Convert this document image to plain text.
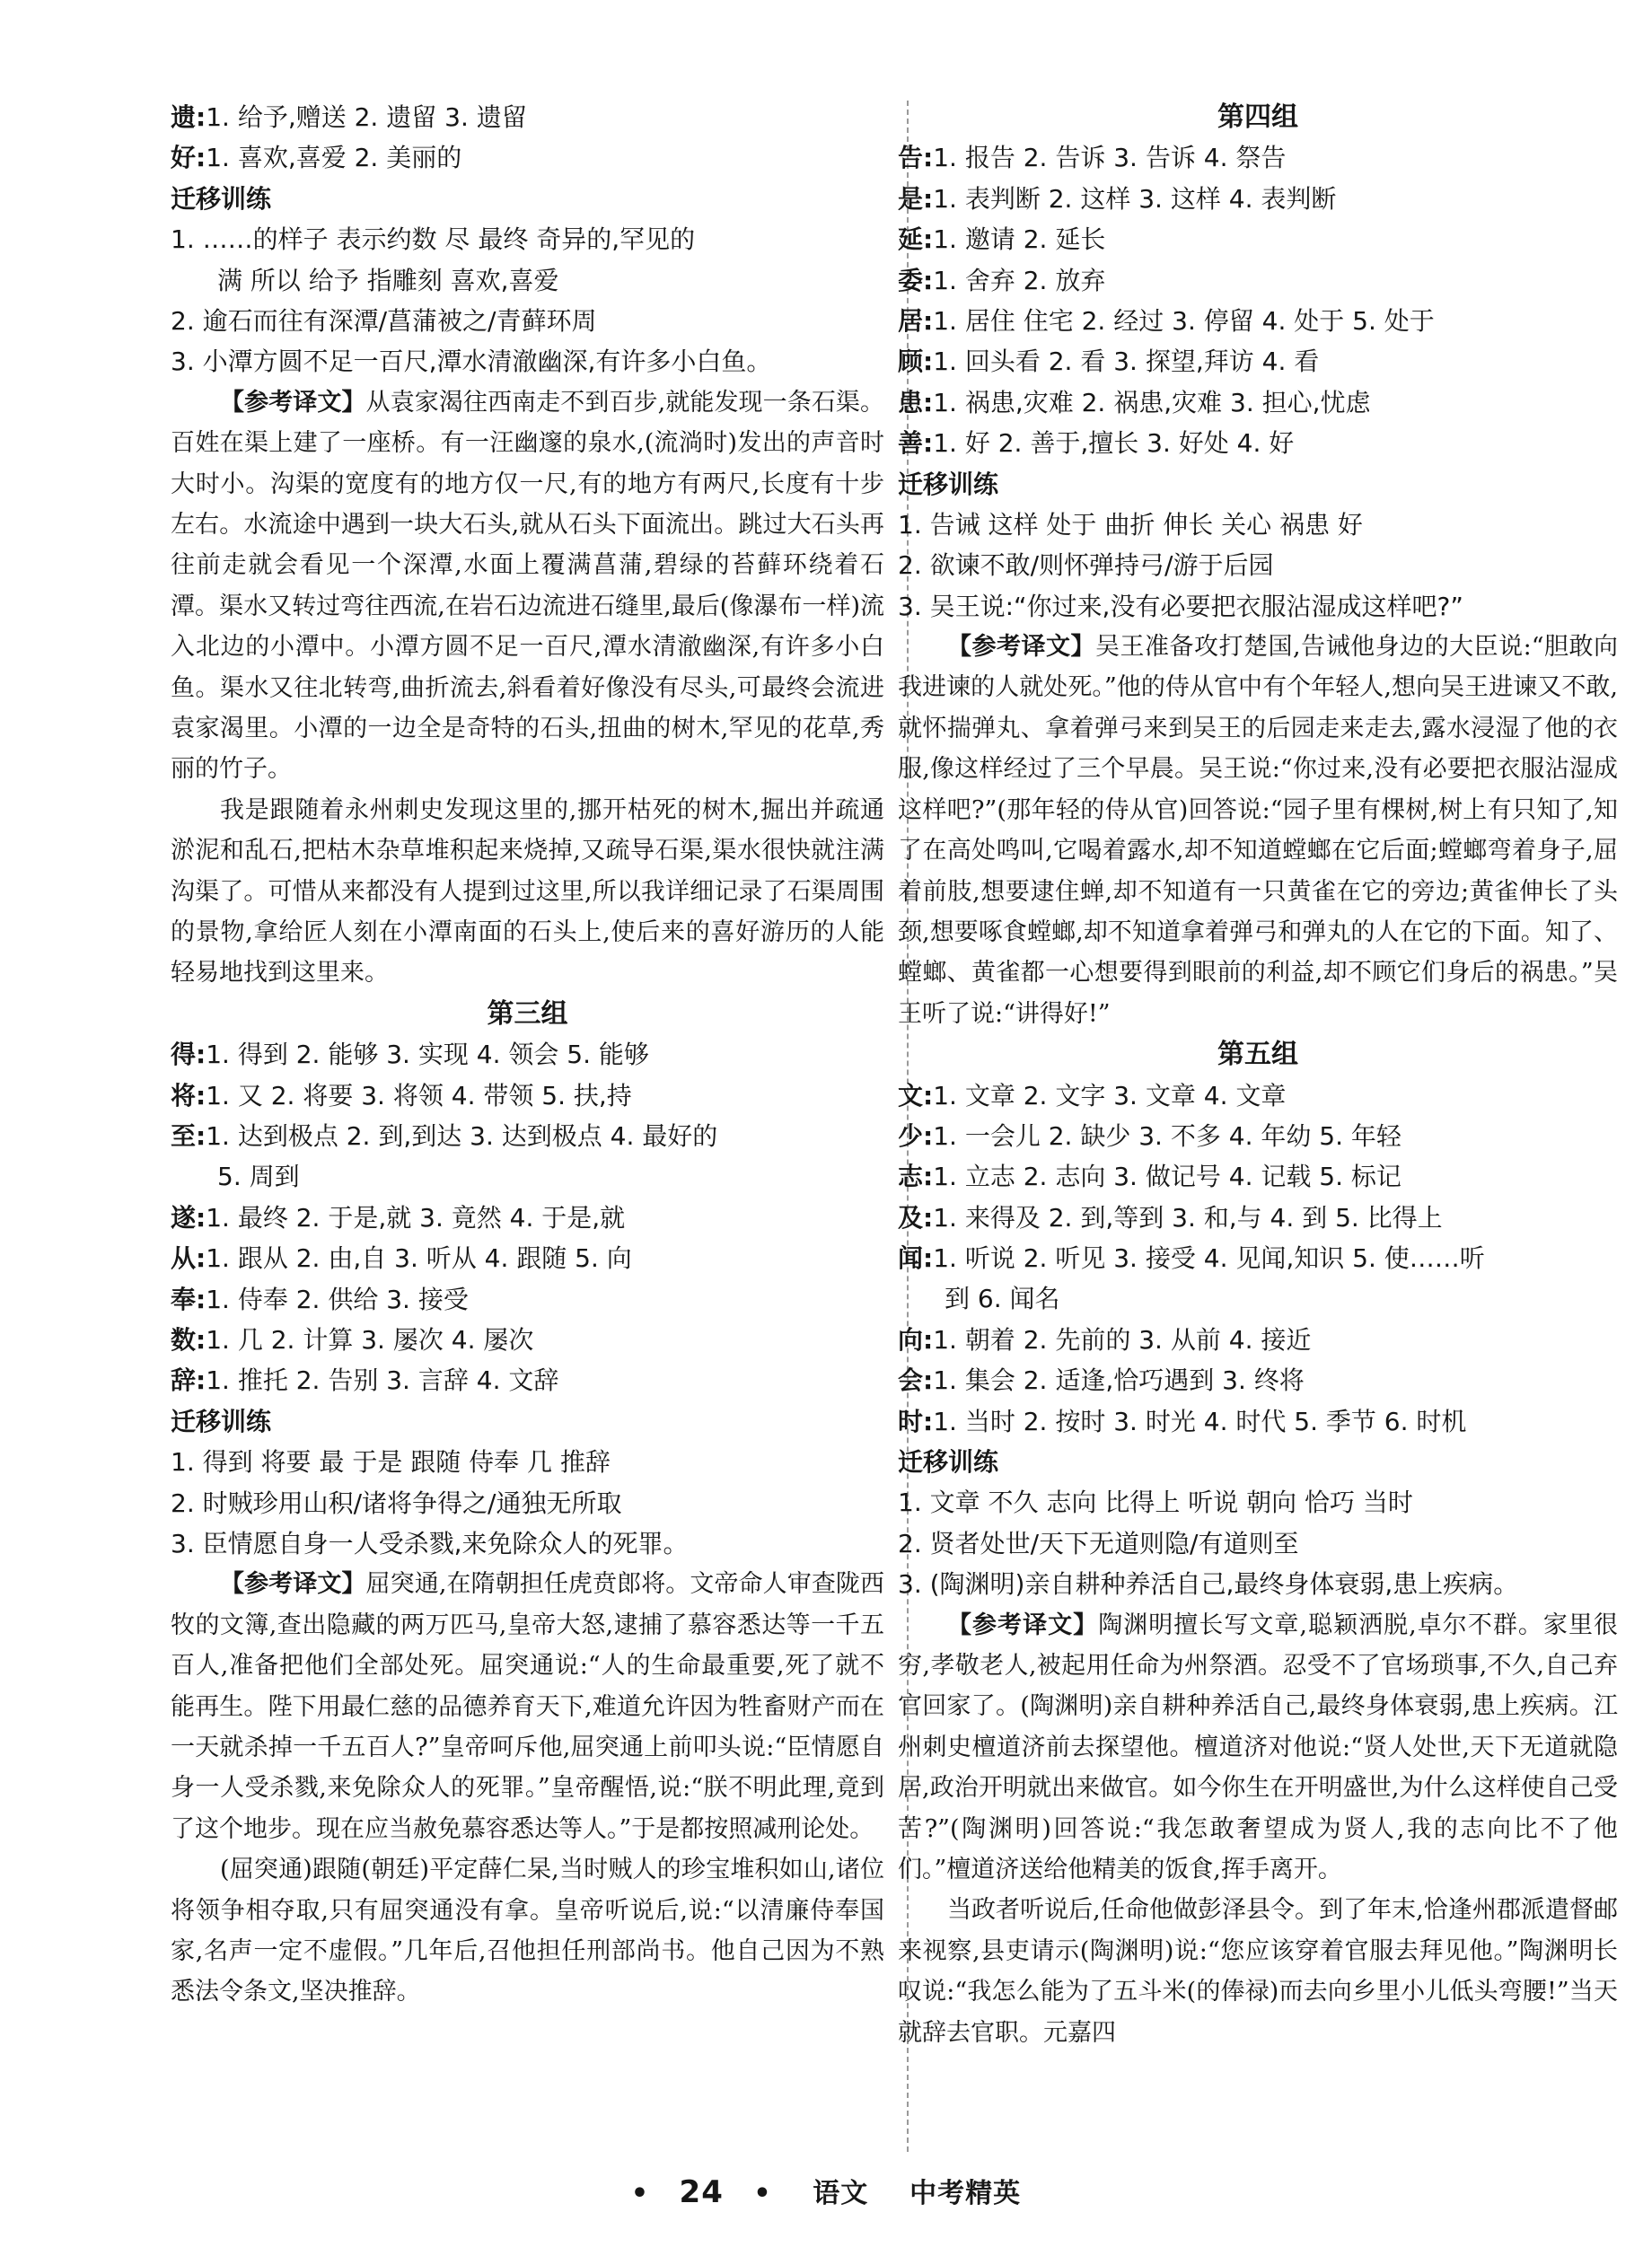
遗:1. 给予,赠送 2. 遗留 3. 遗留
好:1. 喜欢,喜爱 2. 美丽的
迁移训练
1. ……的样子 表示约数 尽 最终 奇异的,罕见的
满 所以 给予 指雕刻 喜欢,喜爱
2. 逾石而往有深潭/菖蒲被之/青藓环周
3. 小潭方圆不足一百尺,潭水清澈幽深,有许多小白鱼。

【参考译文】从袁家渴往西南走不到百步,就能发现一条石渠。百姓在渠上建了一座桥。有一汪幽邃的泉水,(流淌时)发出的声音时大时小。沟渠的宽度有的地方仅一尺,有的地方有两尺,长度有十步左右。水流途中遇到一块大石头,就从石头下面流出。跳过大石头再往前走就会看见一个深潭,水面上覆满菖蒲,碧绿的苔藓环绕着石潭。渠水又转过弯往西流,在岩石边流进石缝里,最后(像瀑布一样)流入北边的小潭中。小潭方圆不足一百尺,潭水清澈幽深,有许多小白鱼。渠水又往北转弯,曲折流去,斜看着好像没有尽头,可最终会流进袁家渴里。小潭的一边全是奇特的石头,扭曲的树木,罕见的花草,秀丽的竹子。

我是跟随着永州刺史发现这里的,挪开枯死的树木,掘出并疏通淤泥和乱石,把枯木杂草堆积起来烧掉,又疏导石渠,渠水很快就注满沟渠了。可惜从来都没有人提到过这里,所以我详细记录了石渠周围的景物,拿给匠人刻在小潭南面的石头上,使后来的喜好游历的人能轻易地找到这里来。

第三组
得:1. 得到 2. 能够 3. 实现 4. 领会 5. 能够
将:1. 又 2. 将要 3. 将领 4. 带领 5. 扶,持
至:1. 达到极点 2. 到,到达 3. 达到极点 4. 最好的
5. 周到
遂:1. 最终 2. 于是,就 3. 竟然 4. 于是,就
从:1. 跟从 2. 由,自 3. 听从 4. 跟随 5. 向
奉:1. 侍奉 2. 供给 3. 接受
数:1. 几 2. 计算 3. 屡次 4. 屡次
辞:1. 推托 2. 告别 3. 言辞 4. 文辞
迁移训练
1. 得到 将要 最 于是 跟随 侍奉 几 推辞
2. 时贼珍用山积/诸将争得之/通独无所取
3. 臣情愿自身一人受杀戮,来免除众人的死罪。

【参考译文】屈突通,在隋朝担任虎贲郎将。文帝命人审查陇西牧的文簿,查出隐藏的两万匹马,皇帝大怒,逮捕了慕容悉达等一千五百人,准备把他们全部处死。屈突通说:“人的生命最重要,死了就不能再生。陛下用最仁慈的品德养育天下,难道允许因为牲畜财产而在一天就杀掉一千五百人?”皇帝呵斥他,屈突通上前叩头说:“臣情愿自身一人受杀戮,来免除众人的死罪。”皇帝醒悟,说:“朕不明此理,竟到了这个地步。现在应当赦免慕容悉达等人。”于是都按照减刑论处。

(屈突通)跟随(朝廷)平定薛仁杲,当时贼人的珍宝堆积如山,诸位将领争相夺取,只有屈突通没有拿。皇帝听说后,说:“以清廉侍奉国家,名声一定不虚假。”几年后,召他担任刑部尚书。他自己因为不熟悉法令条文,坚决推辞。

第四组
告:1. 报告 2. 告诉 3. 告诉 4. 祭告
是:1. 表判断 2. 这样 3. 这样 4. 表判断
延:1. 邀请 2. 延长
委:1. 舍弃 2. 放弃
居:1. 居住 住宅 2. 经过 3. 停留 4. 处于 5. 处于
顾:1. 回头看 2. 看 3. 探望,拜访 4. 看
患:1. 祸患,灾难 2. 祸患,灾难 3. 担心,忧虑
善:1. 好 2. 善于,擅长 3. 好处 4. 好
迁移训练
1. 告诫 这样 处于 曲折 伸长 关心 祸患 好
2. 欲谏不敢/则怀弹持弓/游于后园
3. 吴王说:“你过来,没有必要把衣服沾湿成这样吧?”

【参考译文】吴王准备攻打楚国,告诫他身边的大臣说:“胆敢向我进谏的人就处死。”他的侍从官中有个年轻人,想向吴王进谏又不敢,就怀揣弹丸、拿着弹弓来到吴王的后园走来走去,露水浸湿了他的衣服,像这样经过了三个早晨。吴王说:“你过来,没有必要把衣服沾湿成这样吧?”(那年轻的侍从官)回答说:“园子里有棵树,树上有只知了,知了在高处鸣叫,它喝着露水,却不知道螳螂在它后面;螳螂弯着身子,屈着前肢,想要逮住蝉,却不知道有一只黄雀在它的旁边;黄雀伸长了头颈,想要啄食螳螂,却不知道拿着弹弓和弹丸的人在它的下面。知了、螳螂、黄雀都一心想要得到眼前的利益,却不顾它们身后的祸患。”吴王听了说:“讲得好!”

第五组
文:1. 文章 2. 文字 3. 文章 4. 文章
少:1. 一会儿 2. 缺少 3. 不多 4. 年幼 5. 年轻
志:1. 立志 2. 志向 3. 做记号 4. 记载 5. 标记
及:1. 来得及 2. 到,等到 3. 和,与 4. 到 5. 比得上
闻:1. 听说 2. 听见 3. 接受 4. 见闻,知识 5. 使……听
到 6. 闻名
向:1. 朝着 2. 先前的 3. 从前 4. 接近
会:1. 集会 2. 适逢,恰巧遇到 3. 终将
时:1. 当时 2. 按时 3. 时光 4. 时代 5. 季节 6. 时机
迁移训练
1. 文章 不久 志向 比得上 听说 朝向 恰巧 当时
2. 贤者处世/天下无道则隐/有道则至
3. (陶渊明)亲自耕种养活自己,最终身体衰弱,患上疾病。

【参考译文】陶渊明擅长写文章,聪颖洒脱,卓尔不群。家里很穷,孝敬老人,被起用任命为州祭酒。忍受不了官场琐事,不久,自己弃官回家了。(陶渊明)亲自耕种养活自己,最终身体衰弱,患上疾病。江州刺史檀道济前去探望他。檀道济对他说:“贤人处世,天下无道就隐居,政治开明就出来做官。如今你生在开明盛世,为什么这样使自己受苦?”(陶渊明)回答说:“我怎敢奢望成为贤人,我的志向比不了他们。”檀道济送给他精美的饭食,挥手离开。

当政者听说后,任命他做彭泽县令。到了年末,恰逢州郡派遣督邮来视察,县吏请示(陶渊明)说:“您应该穿着官服去拜见他。”陶渊明长叹说:“我怎么能为了五斗米(的俸禄)而去向乡里小儿低头弯腰!”当天就辞去官职。元嘉四

• 24 • 语文 中考精英
